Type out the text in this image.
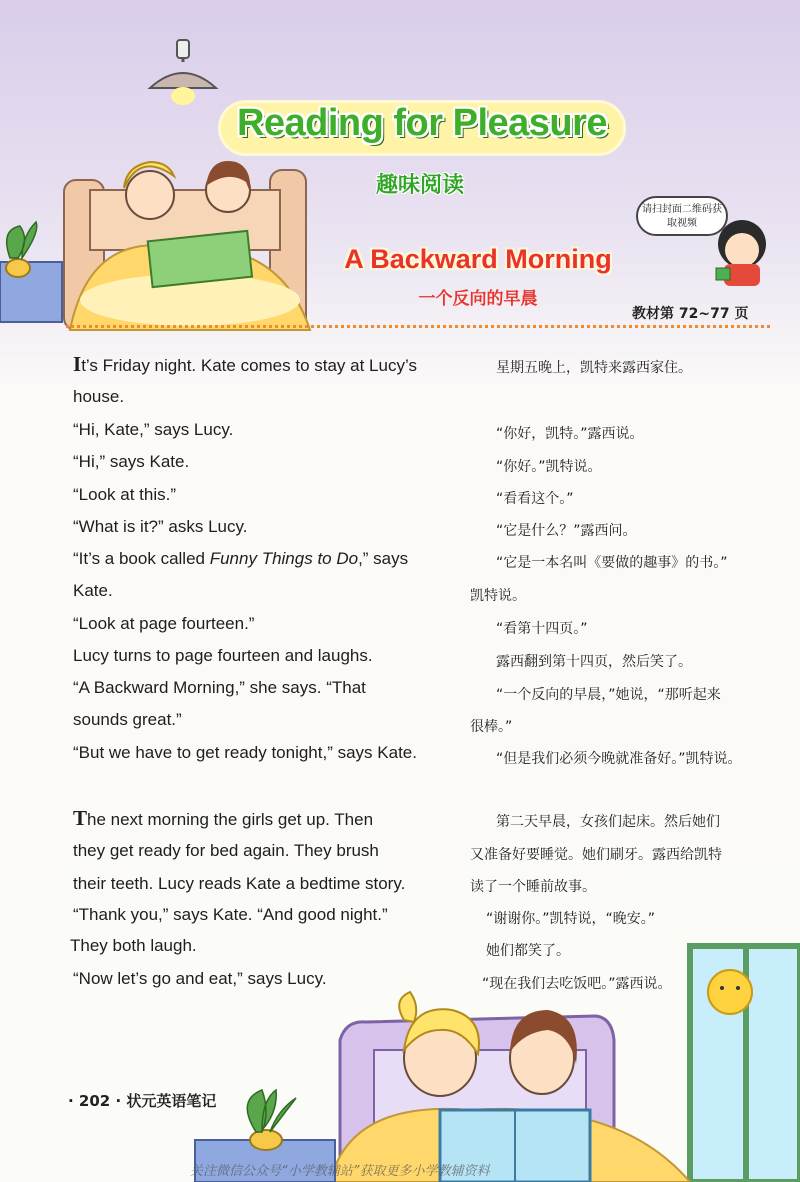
Reading for Pleasure
趣味阅读
请扫封面二维码获取视频
A Backward Morning
一个反向的早晨
教材第 72~77 页
It’s Friday night. Kate comes to stay at Lucy’s
house.
“Hi, Kate,” says Lucy.
“Hi,” says Kate.
“Look at this.”
“What is it?” asks Lucy.
“It’s a book called Funny Things to Do,” says
Kate.
“Look at page fourteen.”
Lucy turns to page fourteen and laughs.
“A Backward Morning,” she says. “That
sounds great.”
“But we have to get ready tonight,” says Kate.
星期五晚上，凯特来露西家住。
“你好，凯特。”露西说。
“你好。”凯特说。
“看看这个。”
“它是什么？”露西问。
“它是一本名叫《要做的趣事》的书。”
凯特说。
“看第十四页。”
露西翻到第十四页，然后笑了。
“一个反向的早晨，”她说，“那听起来
很棒。”
“但是我们必须今晚就准备好。”凯特说。
The next morning the girls get up. Then
they get ready for bed again. They brush
their teeth. Lucy reads Kate a bedtime story.
“Thank you,” says Kate. “And good night.”
They both laugh.
“Now let’s go and eat,” says Lucy.
第二天早晨，女孩们起床。然后她们
又准备好要睡觉。她们刷牙。露西给凯特
读了一个睡前故事。
“谢谢你。”凯特说，“晚安。”
她们都笑了。
“现在我们去吃饭吧。”露西说。
· 202 · 状元英语笔记
关注微信公众号“小学教辅站”获取更多小学教辅资料
